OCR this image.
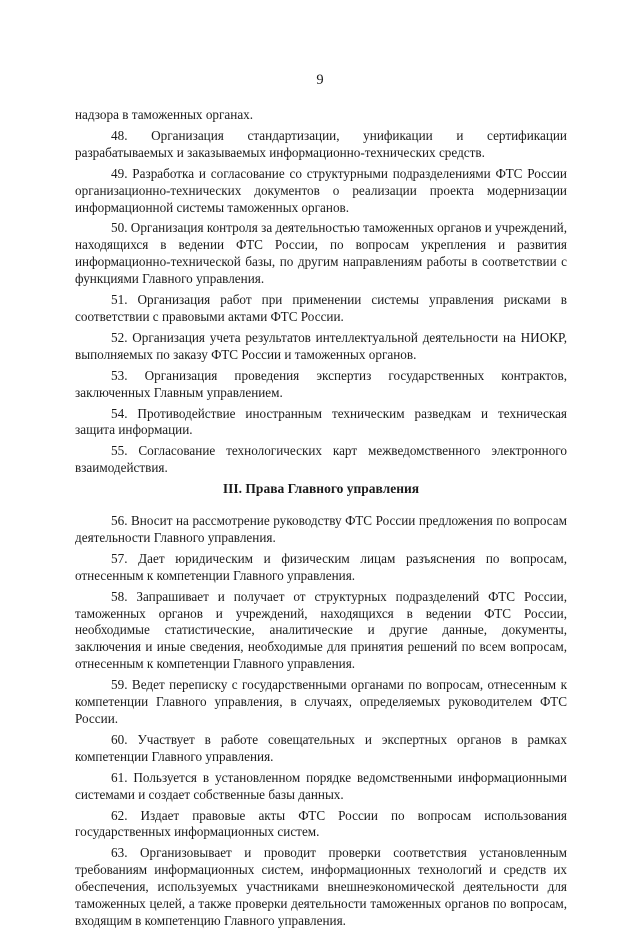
9

надзора в таможенных органах.

48. Организация стандартизации, унификации и сертификации разрабатываемых и заказываемых информационно-технических средств.

49. Разработка и согласование со структурными подразделениями ФТС России организационно-технических документов о реализации проекта модернизации информационной системы таможенных органов.

50. Организация контроля за деятельностью таможенных органов и учреждений, находящихся в ведении ФТС России, по вопросам укрепления и развития информационно-технической базы, по другим направлениям работы в соответствии с функциями Главного управления.

51. Организация работ при применении системы управления рисками в соответствии с правовыми актами ФТС России.

52. Организация учета результатов интеллектуальной деятельности на НИОКР, выполняемых по заказу ФТС России и таможенных органов.

53. Организация проведения экспертиз государственных контрактов, заключенных Главным управлением.

54. Противодействие иностранным техническим разведкам и техническая защита информации.

55. Согласование технологических карт межведомственного электронного взаимодействия.

III. Права Главного управления

56. Вносит на рассмотрение руководству ФТС России предложения по вопросам деятельности Главного управления.

57. Дает юридическим и физическим лицам разъяснения по вопросам, отнесенным к компетенции Главного управления.

58. Запрашивает и получает от структурных подразделений ФТС России, таможенных органов и учреждений, находящихся в ведении ФТС России, необходимые статистические, аналитические и другие данные, документы, заключения и иные сведения, необходимые для принятия решений по всем вопросам, отнесенным к компетенции Главного управления.

59. Ведет переписку с государственными органами по вопросам, отнесенным к компетенции Главного управления, в случаях, определяемых руководителем ФТС России.

60. Участвует в работе совещательных и экспертных органов в рамках компетенции Главного управления.

61. Пользуется в установленном порядке ведомственными информационными системами и создает собственные базы данных.

62. Издает правовые акты ФТС России по вопросам использования государственных информационных систем.

63. Организовывает и проводит проверки соответствия установленным требованиям информационных систем, информационных технологий и средств их обеспечения, используемых участниками внешнеэкономической деятельности для таможенных целей, а также проверки деятельности таможенных органов по вопросам, входящим в компетенцию Главного управления.
